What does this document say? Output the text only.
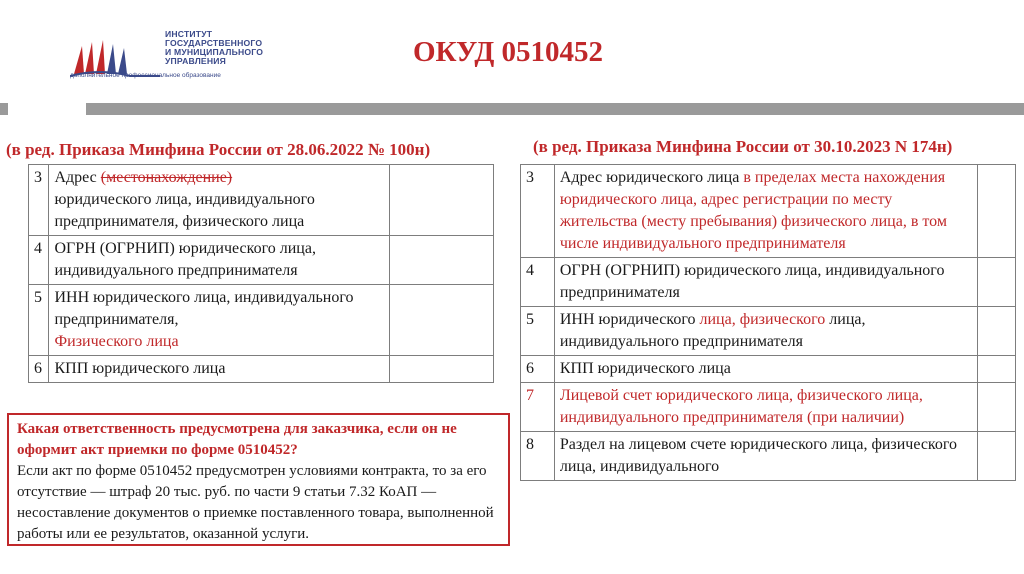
ИНСТИТУТ
ГОСУДАРСТВЕННОГО
И МУНИЦИПАЛЬНОГО
УПРАВЛЕНИЯ
дополнительное профессиональное образование
ОКУД 0510452
(в ред. Приказа Минфина России от 28.06.2022 № 100н)
3	Адрес (местонахождение)
юридического лица, индивидуального предпринимателя, физического лица	
4	ОГРН (ОГРНИП) юридического лица, индивидуального предпринимателя	
5	ИНН юридического лица, индивидуального предпринимателя,
Физического лица	
6	КПП юридического лица	
Какая ответственность предусмотрена для заказчика, если он не оформит акт приемки по форме 0510452?
Если акт по форме 0510452 предусмотрен условиями контракта, то за его отсутствие — штраф 20 тыс. руб. по части 9 статьи 7.32 КоАП — несоставление документов о приемке поставленного товара, выполненной работы или ее результатов, оказанной услуги.
(в ред. Приказа Минфина России от 30.10.2023 N 174н)
3	Адрес юридического лица в пределах места нахождения юридического лица, адрес регистрации по месту жительства (месту пребывания) физического лица, в том числе индивидуального предпринимателя	
4	ОГРН (ОГРНИП) юридического лица, индивидуального предпринимателя	
5	ИНН юридического лица, физического лица, индивидуального предпринимателя	
6	КПП юридического лица	
7	Лицевой счет юридического лица, физического лица, индивидуального предпринимателя (при наличии)	
8	Раздел на лицевом счете юридического лица, физического лица, индивидуального	
